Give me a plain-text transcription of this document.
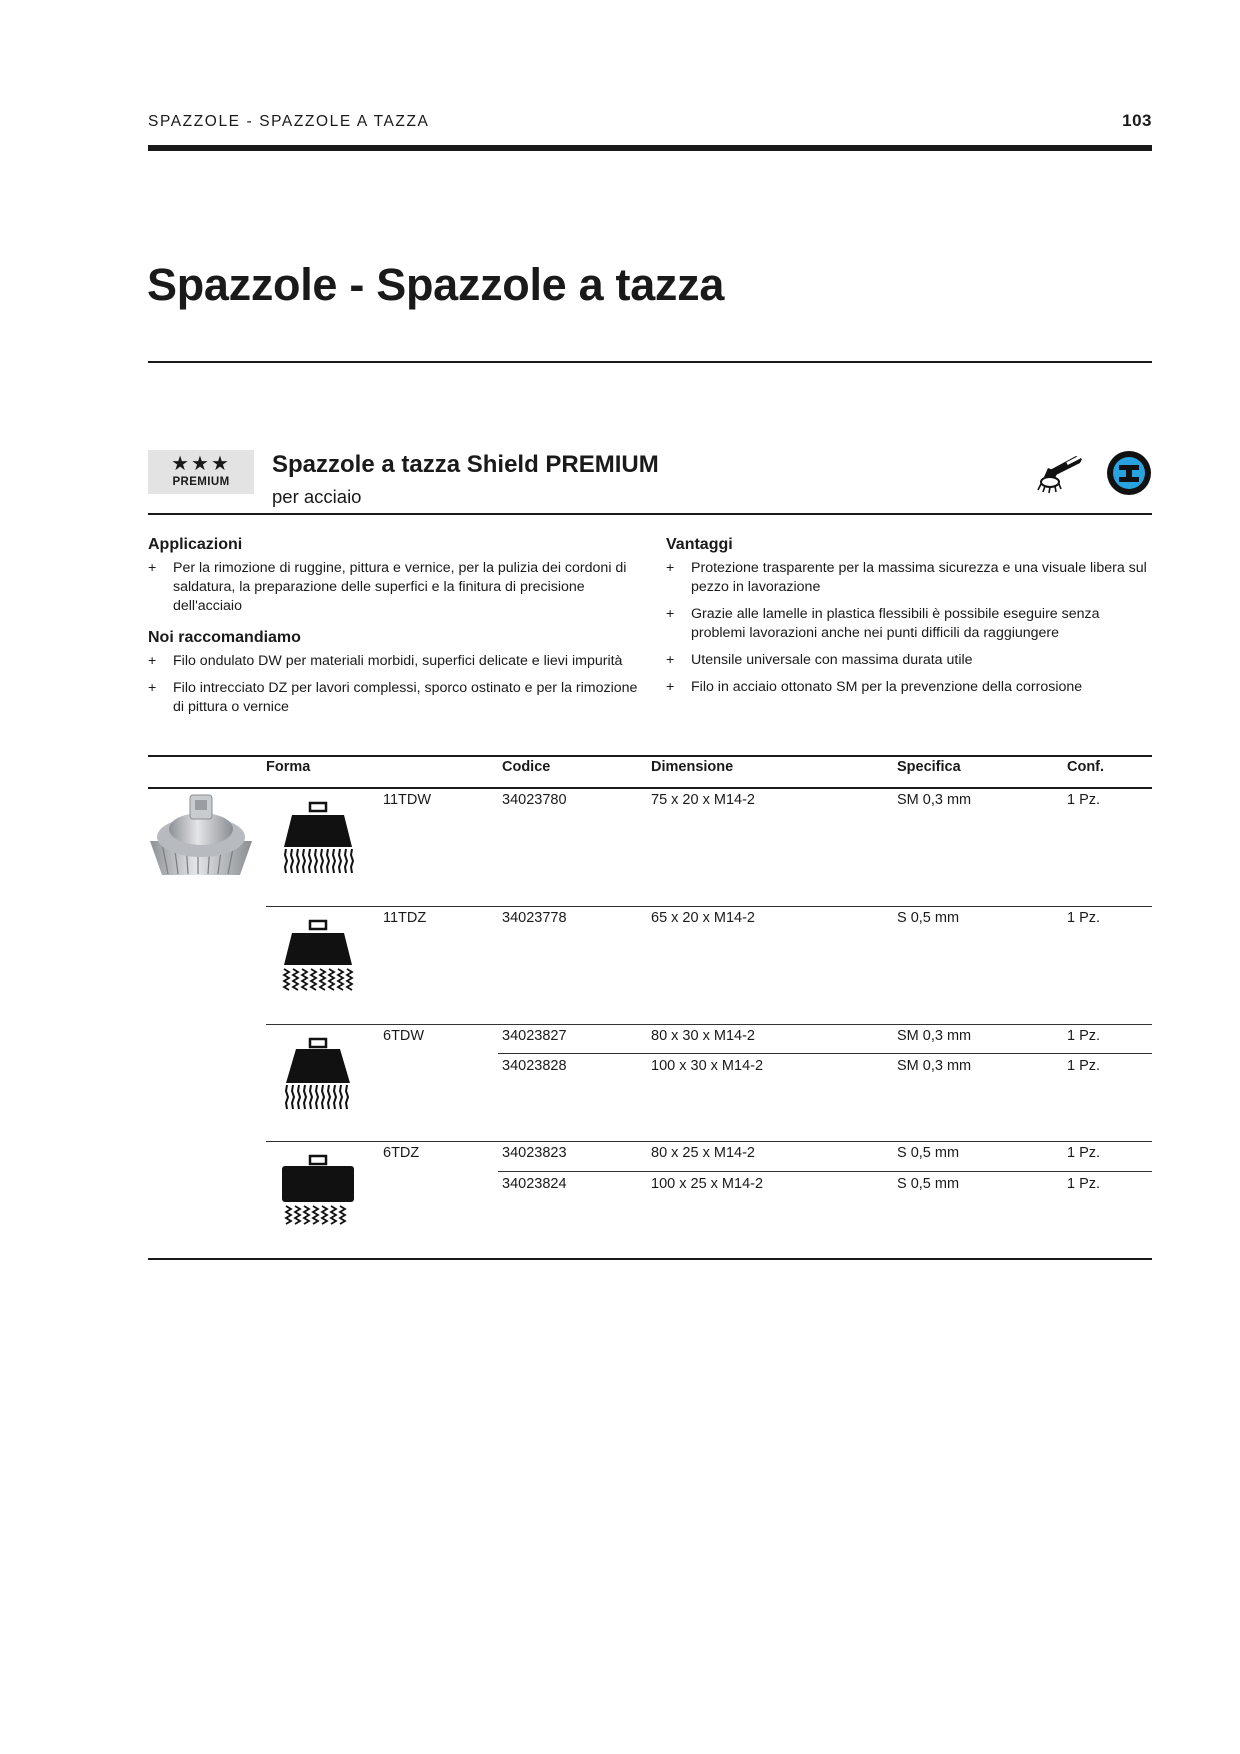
SPAZZOLE - SPAZZOLE A TAZZA	103
Spazzole - Spazzole a tazza
★★★
PREMIUM
Spazzole a tazza Shield PREMIUM
per acciaio
Applicazioni
+ Per la rimozione di ruggine, pittura e vernice, per la pulizia dei cordoni di saldatura, la preparazione delle superfici e la finitura di precisione dell'acciaio
Noi raccomandiamo
+ Filo ondulato DW per materiali morbidi, superfici delicate e lievi impurità
+ Filo intrecciato DZ per lavori complessi, sporco ostinato e per la rimozione di pittura o vernice
Vantaggi
+ Protezione trasparente per la massima sicurezza e una visuale libera sul pezzo in lavorazione
+ Grazie alle lamelle in plastica flessibili è possibile eseguire senza problemi lavorazioni anche nei punti difficili da raggiungere
+ Utensile universale con massima durata utile
+ Filo in acciaio ottonato SM per la prevenzione della corrosione
Forma	Codice	Dimensione	Specifica	Conf.
11TDW	34023780	75 x 20 x M14-2	SM 0,3 mm	1 Pz.
11TDZ	34023778	65 x 20 x M14-2	S 0,5 mm	1 Pz.
6TDW	34023827	80 x 30 x M14-2	SM 0,3 mm	1 Pz.
34023828	100 x 30 x M14-2	SM 0,3 mm	1 Pz.
6TDZ	34023823	80 x 25 x M14-2	S 0,5 mm	1 Pz.
34023824	100 x 25 x M14-2	S 0,5 mm	1 Pz.
